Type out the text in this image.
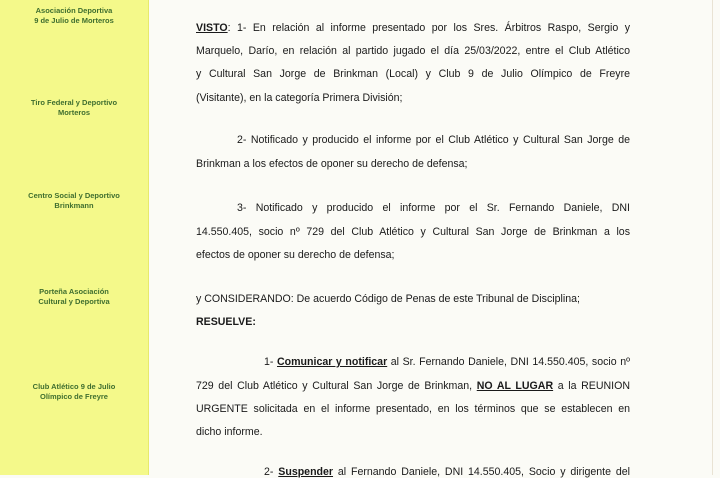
Asociación Deportiva
9 de Julio de Morteros
Tiro Federal y Deportivo
Morteros
Centro Social y Deportivo
Brinkmann
Porteña Asociación
Cultural y Deportiva
Club Atlético 9 de Julio
Olímpico de Freyre
VISTO: 1- En relación al informe presentado por los Sres. Árbitros Raspo, Sergio y
Marquelo, Darío, en relación al partido jugado el día 25/03/2022, entre el Club Atlético
y Cultural San Jorge de Brinkman (Local) y Club 9 de Julio Olímpico de Freyre
(Visitante), en la categoría Primera División;
2- Notificado y producido el informe por el Club Atlético y Cultural San Jorge de
Brinkman a los efectos de oponer su derecho de defensa;
3- Notificado y producido el informe por el Sr. Fernando Daniele, DNI
14.550.405, socio nº 729 del Club Atlético y Cultural San Jorge de Brinkman a los
efectos de oponer su derecho de defensa;
y CONSIDERANDO: De acuerdo Código de Penas de este Tribunal de Disciplina;
RESUELVE:
1- Comunicar y notificar al Sr. Fernando Daniele, DNI 14.550.405, socio nº
729 del Club Atlético y Cultural San Jorge de Brinkman, NO AL LUGAR a la REUNION
URGENTE solicitada en el informe presentado, en los términos que se establecen en
dicho informe.
2- Suspender al Fernando Daniele, DNI 14.550.405, Socio y dirigente del
